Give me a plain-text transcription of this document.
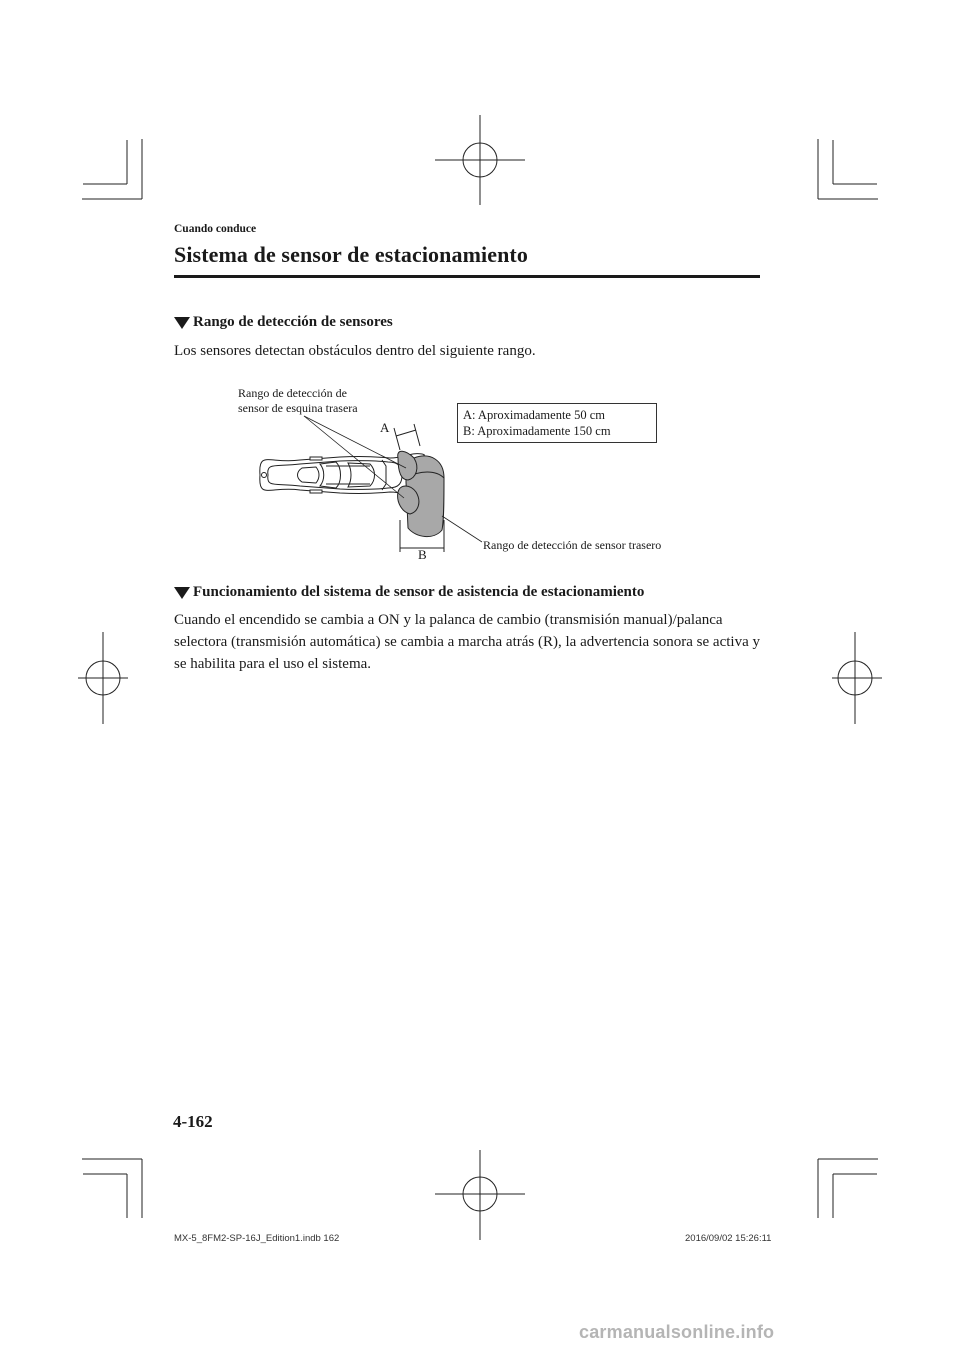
Cuando conduce
Sistema de sensor de estacionamiento
Rango de detección de sensores
Los sensores detectan obstáculos dentro del siguiente rango.
Rango de detección de
sensor de esquina trasera
A
B
Rango de detección de sensor trasero
A: Aproximadamente 50 cm
B: Aproximadamente 150 cm
Funcionamiento del sistema de sensor de asistencia de estacionamiento
Cuando el encendido se cambia a ON y la palanca de cambio (transmisión manual)/palanca selectora (transmisión automática) se cambia a marcha atrás (R), la advertencia sonora se activa y se habilita para el uso el sistema.
4-162
MX-5_8FM2-SP-16J_Edition1.indb 162	2016/09/02 15:26:11
carmanualsonline.info
